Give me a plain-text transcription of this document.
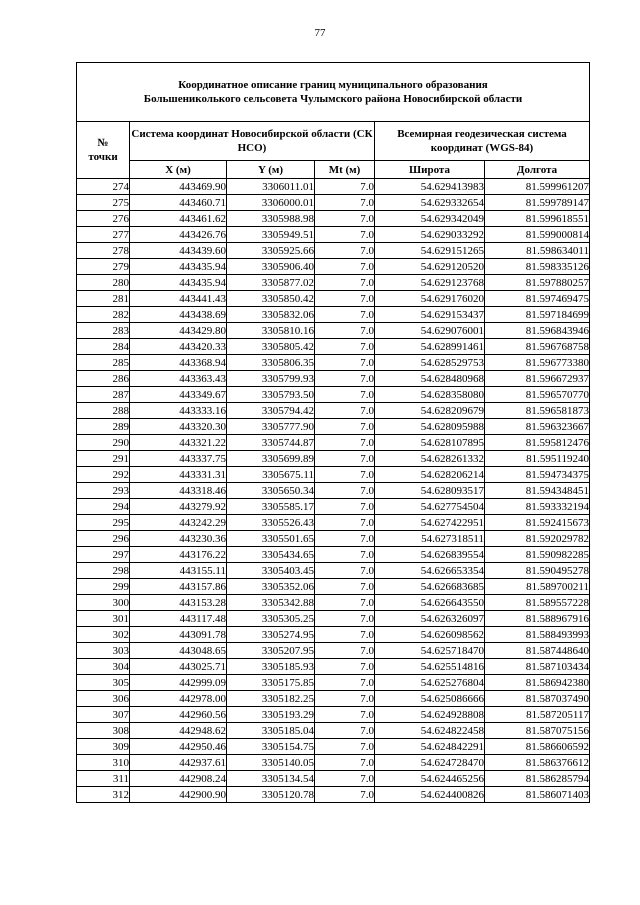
77
Координатное описание границ муниципального образования
Большениколького сельсовета Чулымского района Новосибирской области					

№
точки	Система координат Новосибирской области (СК НСО)			Всемирная геодезическая система координат (WGS-84)	
	X (м)	Y (м)	Mt (м)	Широта	Долгота
274	443469.90	3306011.01	7.0	54.629413983	81.599961207
275	443460.71	3306000.01	7.0	54.629332654	81.599789147
276	443461.62	3305988.98	7.0	54.629342049	81.599618551
277	443426.76	3305949.51	7.0	54.629033292	81.599000814
278	443439.60	3305925.66	7.0	54.629151265	81.598634011
279	443435.94	3305906.40	7.0	54.629120520	81.598335126
280	443435.94	3305877.02	7.0	54.629123768	81.597880257
281	443441.43	3305850.42	7.0	54.629176020	81.597469475
282	443438.69	3305832.06	7.0	54.629153437	81.597184699
283	443429.80	3305810.16	7.0	54.629076001	81.596843946
284	443420.33	3305805.42	7.0	54.628991461	81.596768758
285	443368.94	3305806.35	7.0	54.628529753	81.596773380
286	443363.43	3305799.93	7.0	54.628480968	81.596672937
287	443349.67	3305793.50	7.0	54.628358080	81.596570770
288	443333.16	3305794.42	7.0	54.628209679	81.596581873
289	443320.30	3305777.90	7.0	54.628095988	81.596323667
290	443321.22	3305744.87	7.0	54.628107895	81.595812476
291	443337.75	3305699.89	7.0	54.628261332	81.595119240
292	443331.31	3305675.11	7.0	54.628206214	81.594734375
293	443318.46	3305650.34	7.0	54.628093517	81.594348451
294	443279.92	3305585.17	7.0	54.627754504	81.593332194
295	443242.29	3305526.43	7.0	54.627422951	81.592415673
296	443230.36	3305501.65	7.0	54.627318511	81.592029782
297	443176.22	3305434.65	7.0	54.626839554	81.590982285
298	443155.11	3305403.45	7.0	54.626653354	81.590495278
299	443157.86	3305352.06	7.0	54.626683685	81.589700211
300	443153.28	3305342.88	7.0	54.626643550	81.589557228
301	443117.48	3305305.25	7.0	54.626326097	81.588967916
302	443091.78	3305274.95	7.0	54.626098562	81.588493993
303	443048.65	3305207.95	7.0	54.625718470	81.587448640
304	443025.71	3305185.93	7.0	54.625514816	81.587103434
305	442999.09	3305175.85	7.0	54.625276804	81.586942380
306	442978.00	3305182.25	7.0	54.625086666	81.587037490
307	442960.56	3305193.29	7.0	54.624928808	81.587205117
308	442948.62	3305185.04	7.0	54.624822458	81.587075156
309	442950.46	3305154.75	7.0	54.624842291	81.586606592
310	442937.61	3305140.05	7.0	54.624728470	81.586376612
311	442908.24	3305134.54	7.0	54.624465256	81.586285794
312	442900.90	3305120.78	7.0	54.624400826	81.586071403
